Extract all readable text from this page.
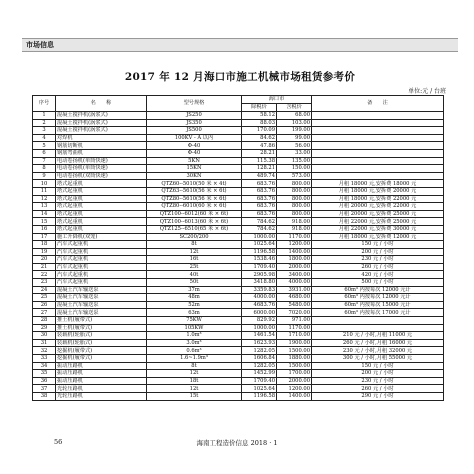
市场信息
2017 年 12 月海口市施工机械市场租赁参考价
单位:元 / 台班
序号	名　　称	型号规格	海口市		备　　注
			除税价	含税价	
1	混凝土搅拌机(涡浆式)	JS250	58.12	68.00	
2	混凝土搅拌机(涡浆式)	JS350	88.03	103.00	
3	混凝土搅拌机(涡浆式)	JS500	170.09	199.00	
4	对焊机	100KV - A 以内	84.62	99.00	
5	钢筋切断机	Φ-40	47.86	56.00	
6	钢筋弯曲机	Φ-40	28.21	33.00	
7	电动卷扬机(单筒快速)	5KN	115.38	135.00	
8	电动卷扬机(单筒快速)	15KN	128.21	150.00	
9	电动卷扬机(双筒快速)	30KN	489.74	573.00	
10	塔式起重机	QTZ60--5010(50 米 × 4t)	683.76	800.00	月租 18000 元,安拆费 18000 元
11	塔式起重机	QTZ63--5610(56 米 × 6t)	683.76	800.00	月租 18000 元,安拆费 20000 元
12	塔式起重机	QTZ80--5610(56 米 × 6t)	683.76	800.00	月租 18000 元,安拆费 22000 元
13	塔式起重机	QTZ80--6010(60 米 × 6t)	683.76	800.00	月租 20000 元,安拆费 22000 元
14	塔式起重机	QTZ100--6012(60 米 × 6t)	683.76	800.00	月租 20000 元,安拆费 25000 元
15	塔式起重机	QTZ100--6013(60 米 × 6t)	784.62	918.00	月租 22000 元,安拆费 25000 元
16	塔式起重机	QTZ125--6510(65 米 × 6t)	784.62	918.00	月租 22000 元,安拆费 30000 元
17	施工升降机(双笼)	SC200/200	1000.00	1170.00	月租 18000 元,安拆费 12000 元
18	汽车式起重机	8t	1025.64	1200.00	150 元 / 小时
19	汽车式起重机	12t	1196.58	1400.00	200 元 / 小时
20	汽车式起重机	16t	1538.46	1800.00	230 元 / 小时
21	汽车式起重机	25t	1709.40	2000.00	260 元 / 小时
22	汽车式起重机	40t	2905.98	3400.00	420 元 / 小时
23	汽车式起重机	50t	3418.80	4000.00	500 元 / 小时
24	混凝土汽车输送泵	37m	3359.83	3931.00	60m³ 内按每次 12000 元计
25	混凝土汽车输送泵	48m	4000.00	4680.00	60m³ 内按每次 12000 元计
26	混凝土汽车输送泵	52m	4683.76	5480.00	60m³ 内按每次 15000 元计
27	混凝土汽车输送泵	63m	6000.00	7020.00	60m³ 内按每次 17000 元计
28	推土机(履带式)	75KW	829.92	971.00	
29	推土机(履带式)	105KW	1000.00	1170.00	
30	装载机(轮胎式)	1.0m³	1461.54	1710.00	210 元 / 小时,月租 11000 元
31	装载机(轮胎式)	3.0m³	1623.93	1900.00	260 元 / 小时,月租 16000 元
32	挖掘机(履带式)	0.6m³	1282.05	1500.00	230 元 / 小时,月租 32000 元
33	挖掘机(履带式)	1.6~1.9m³	1606.84	1880.00	300 元 / 小时,月租 55000 元
34	振动压路机	8t	1282.05	1500.00	150 元 / 小时
35	振动压路机	12t	1452.99	1700.00	200 元 / 小时
36	振动压路机	18t	1709.40	2000.00	230 元 / 小时
37	光轮压路机	12t	1025.64	1200.00	260 元 / 小时
38	光轮压路机	15t	1196.58	1400.00	290 元 / 小时
56	海南工程造价信息 2018 · 1
